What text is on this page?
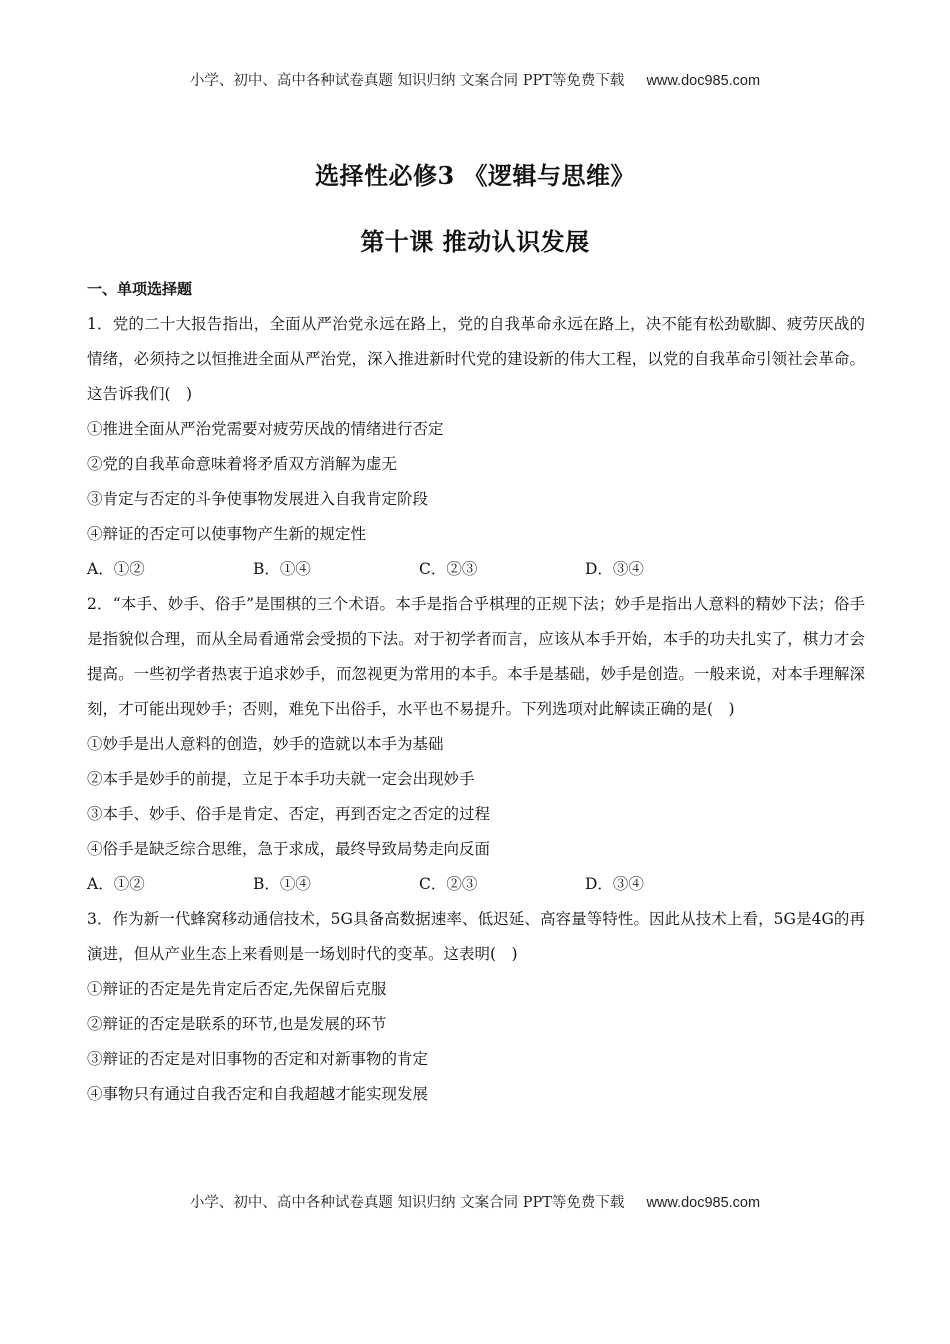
小学、初中、高中各种试卷真题 知识归纳 文案合同 PPT等免费下载 www.doc985.com
选择性必修3 《逻辑与思维》
第十课 推动认识发展
一、单项选择题

1．党的二十大报告指出，全面从严治党永远在路上，党的自我革命永远在路上，决不能有松劲歇脚、疲劳厌战的情绪，必须持之以恒推进全面从严治党，深入推进新时代党的建设新的伟大工程，以党的自我革命引领社会革命。这告诉我们(　)

①推进全面从严治党需要对疲劳厌战的情绪进行否定

②党的自我革命意味着将矛盾双方消解为虚无

③肯定与否定的斗争使事物发展进入自我肯定阶段

④辩证的否定可以使事物产生新的规定性

A．①②	B．①④	C．②③	D．③④

2．“本手、妙手、俗手”是围棋的三个术语。本手是指合乎棋理的正规下法；妙手是指出人意料的精妙下法；俗手是指貌似合理，而从全局看通常会受损的下法。对于初学者而言，应该从本手开始，本手的功夫扎实了，棋力才会提高。一些初学者热衷于追求妙手，而忽视更为常用的本手。本手是基础，妙手是创造。一般来说，对本手理解深刻，才可能出现妙手；否则，难免下出俗手，水平也不易提升。下列选项对此解读正确的是(　)

①妙手是出人意料的创造，妙手的造就以本手为基础

②本手是妙手的前提，立足于本手功夫就一定会出现妙手

③本手、妙手、俗手是肯定、否定，再到否定之否定的过程

④俗手是缺乏综合思维，急于求成，最终导致局势走向反面

A．①②	B．①④	C．②③	D．③④

3．作为新一代蜂窝移动通信技术，5G具备高数据速率、低迟延、高容量等特性。因此从技术上看，5G是4G的再演进，但从产业生态上来看则是一场划时代的变革。这表明(　)

①辩证的否定是先肯定后否定,先保留后克服

②辩证的否定是联系的环节,也是发展的环节

③辩证的否定是对旧事物的否定和对新事物的肯定

④事物只有通过自我否定和自我超越才能实现发展

小学、初中、高中各种试卷真题 知识归纳 文案合同 PPT等免费下载 www.doc985.com
